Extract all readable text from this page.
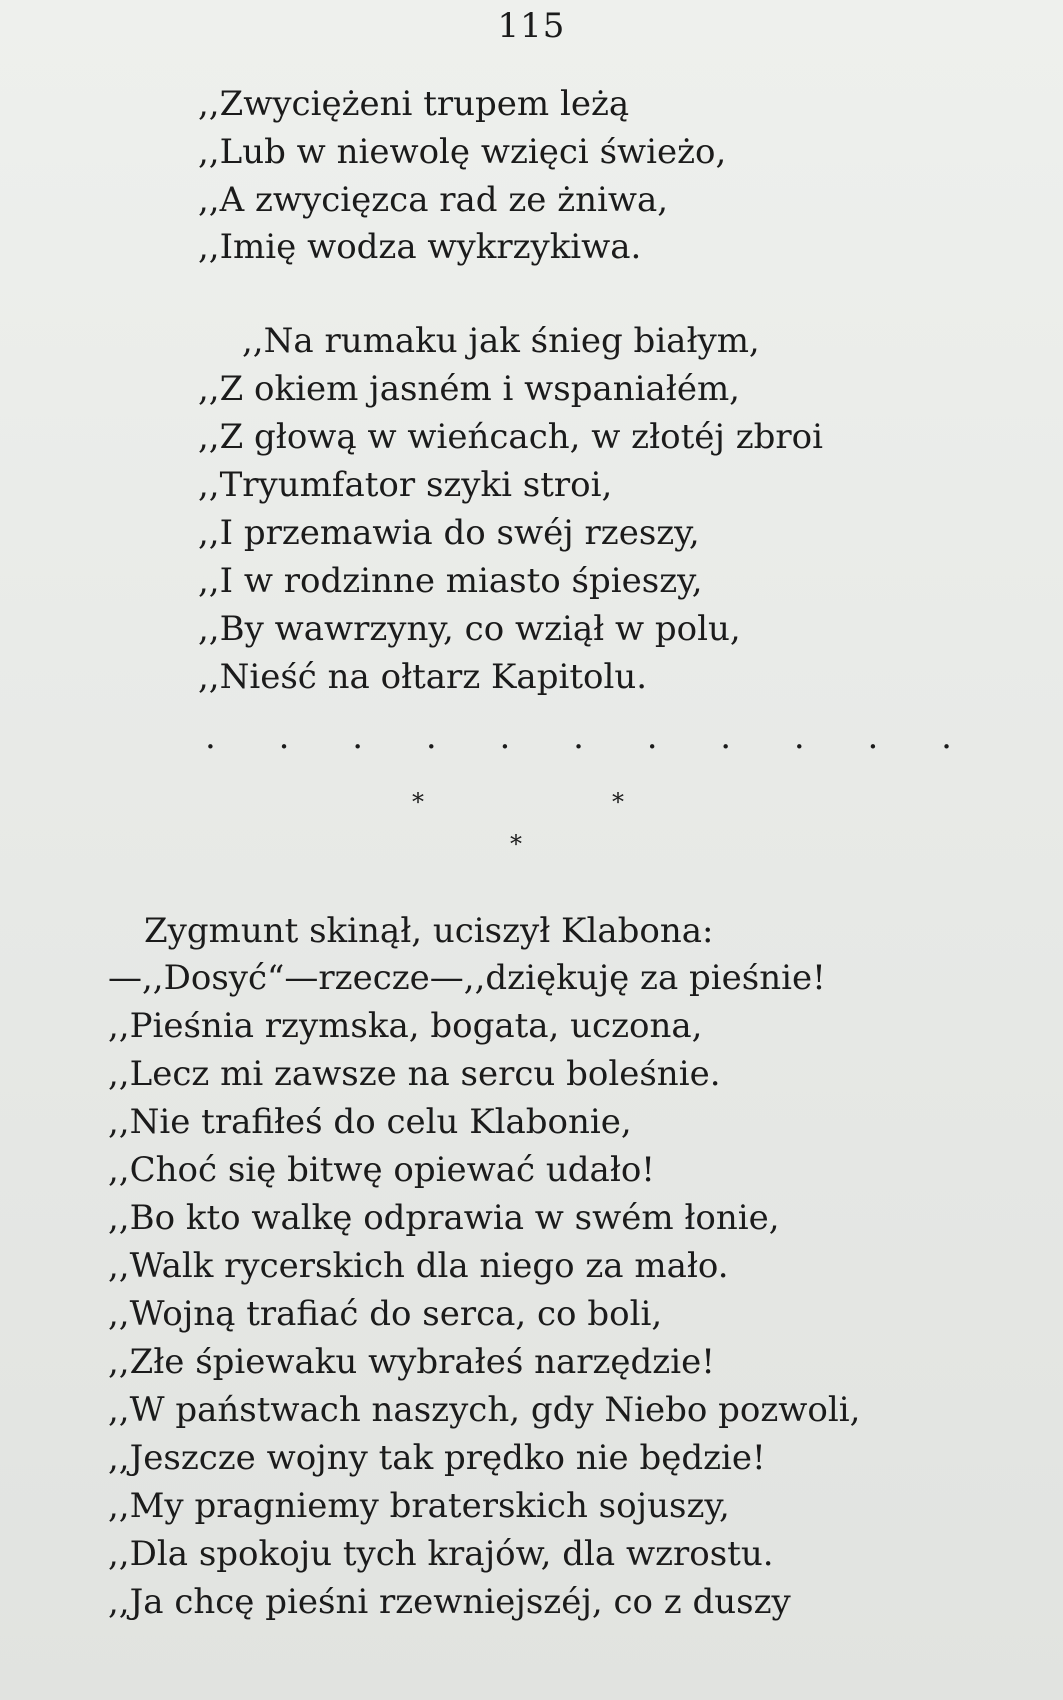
115
,,Zwyciężeni trupem leżą
,,Lub w niewolę wzięci świeżo,
,,A zwycięzca rad ze żniwa,
,,Imię wodza wykrzykiwa.
,,Na rumaku jak śnieg białym,
,,Z okiem jasném i wspaniałém,
,,Z głową w wieńcach, w złotéj zbroi
,,Tryumfator szyki stroi,
,,I przemawia do swéj rzeszy,
,,I w rodzinne miasto śpieszy,
,,By wawrzyny, co wziął w polu,
,,Nieść na ołtarz Kapitolu.
. . . . . . . . . . .
*	*
*
Zygmunt skinął, uciszył Klabona:
—,,Dosyć“—rzecze—,,dziękuję za pieśnie!
,,Pieśnia rzymska, bogata, uczona,
,,Lecz mi zawsze na sercu boleśnie.
,,Nie trafiłeś do celu Klabonie,
,,Choć się bitwę opiewać udało!
,,Bo kto walkę odprawia w swém łonie,
,,Walk rycerskich dla niego za mało.
,,Wojną trafiać do serca, co boli,
,,Złe śpiewaku wybrałeś narzędzie!
,,W państwach naszych, gdy Niebo pozwoli,
,,Jeszcze wojny tak prędko nie będzie!
,,My pragniemy braterskich sojuszy,
,,Dla spokoju tych krajów, dla wzrostu.
,,Ja chcę pieśni rzewniejszéj, co z duszy
